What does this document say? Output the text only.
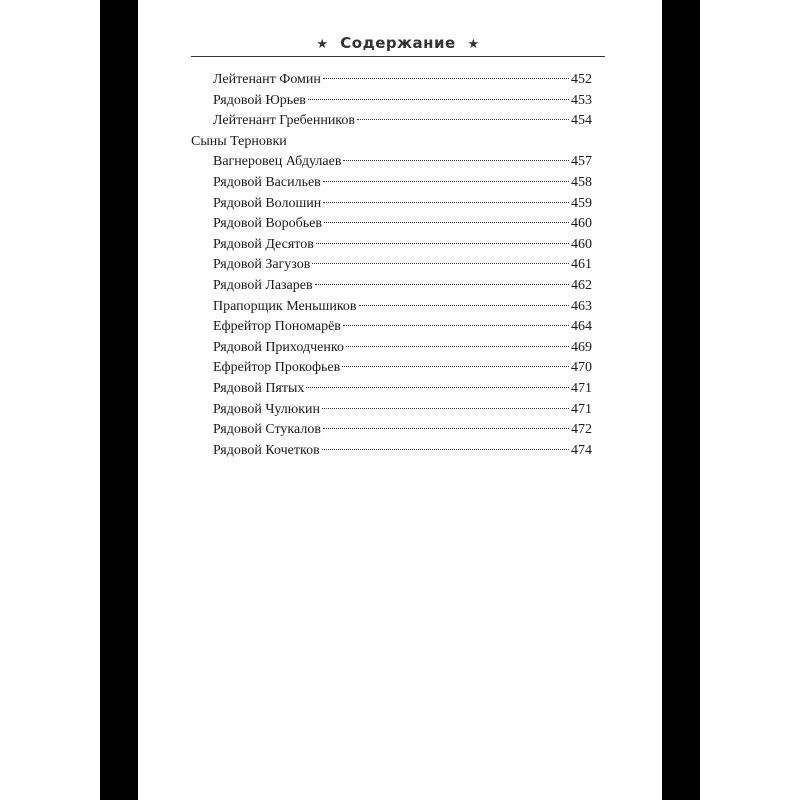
★ Содержание ★
Лейтенант Фомин	452
Рядовой Юрьев	453
Лейтенант Гребенников	454
Сыны Терновки
Вагнеровец Абдулаев	457
Рядовой Васильев	458
Рядовой Волошин	459
Рядовой Воробьев	460
Рядовой Десятов	460
Рядовой Загузов	461
Рядовой Лазарев	462
Прапорщик Меньшиков	463
Ефрейтор Пономарёв	464
Рядовой Приходченко	469
Ефрейтор Прокофьев	470
Рядовой Пятых	471
Рядовой Чулюкин	471
Рядовой Стукалов	472
Рядовой Кочетков	474
